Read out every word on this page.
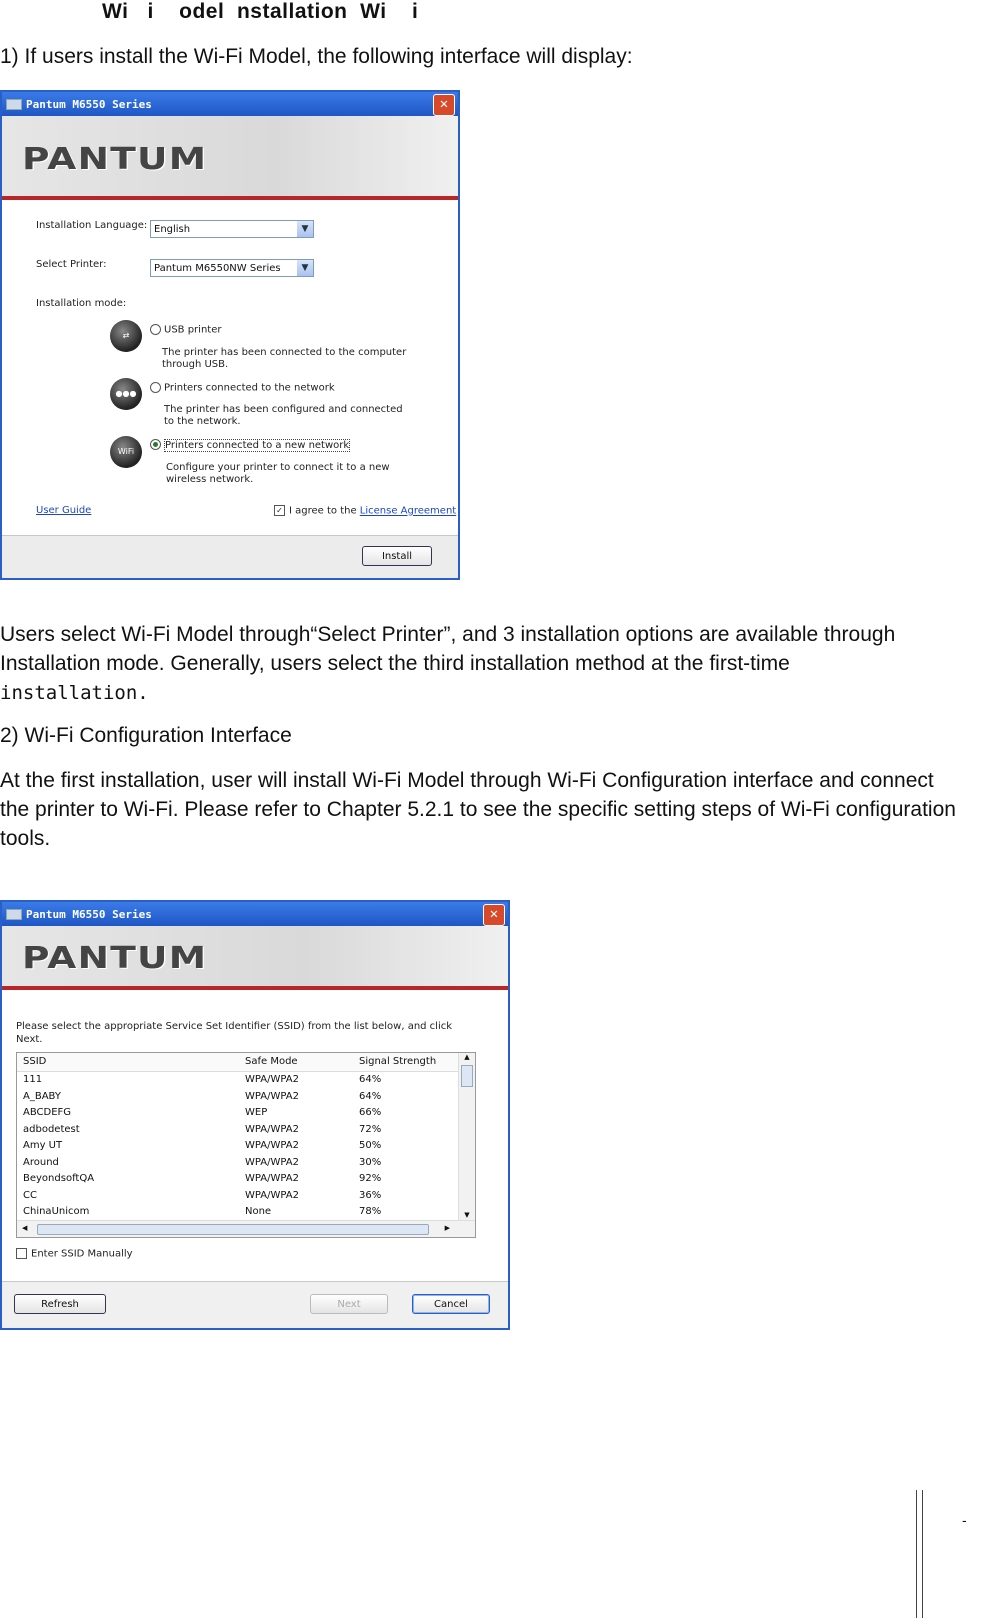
Wi   i    odel  nstallation  Wi    i

1) If users install the Wi-Fi Model, the following interface will display:

Pantum M6550 Series	✕
PANTUM
Installation Language: English	▼
Select Printer:	Pantum M6550NW Series	▼
Installation mode:
⇄	USB printer
The printer has been connected to the computer through USB.
●●●	Printers connected to the network
The printer has been configured and connected to the network.
WiFi
Printers connected to a new network
Configure your printer to connect it to a new wireless network.
User Guide	✓ I agree to the License Agreement
Install

Users select Wi-Fi Model through“Select Printer”, and 3 installation options are available through Installation mode. Generally, users select the third installation method at the first-time
installation.

2) Wi-Fi Configuration Interface

At the first installation, user will install Wi-Fi Model through Wi-Fi Configuration interface and connect the printer to Wi-Fi. Please refer to Chapter 5.2.1 to see the specific setting steps of Wi-Fi configuration tools.

Pantum M6550 Series	✕
PANTUM
Please select the appropriate Service Set Identifier (SSID) from the list below, and click Next.
SSID	Safe Mode	Signal Strength
111	WPA/WPA2	64%
A_BABY	WPA/WPA2	64%
ABCDEFG	WEP	66%
adbodetest	WPA/WPA2	72%
Amy UT	WPA/WPA2	50%
Around	WPA/WPA2	30%
BeyondsoftQA	WPA/WPA2	92%
CC	WPA/WPA2	36%
ChinaUnicom	None	78%
▲
▼
◀	▶
Enter SSID Manually
Refresh	Next	Cancel
-
